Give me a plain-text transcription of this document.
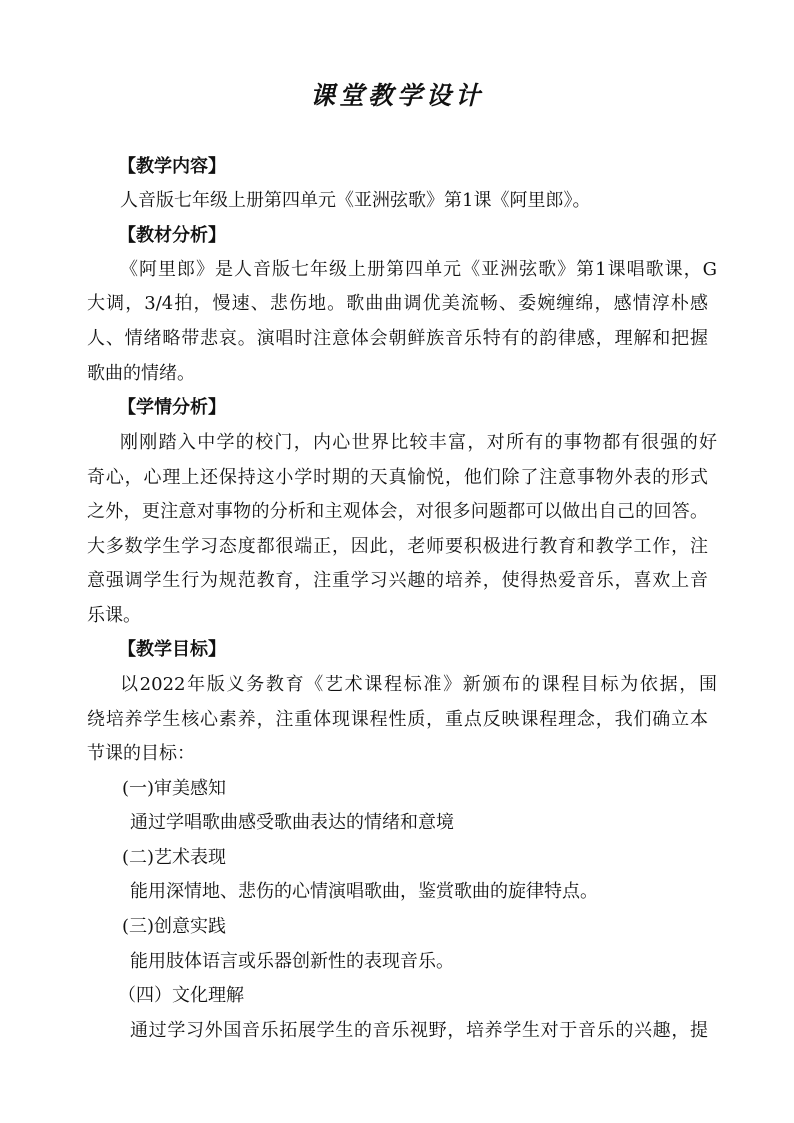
课堂教学设计
【教学内容】
人音版七年级上册第四单元《亚洲弦歌》第1课《阿里郎》。
【教材分析】
《阿里郎》是人音版七年级上册第四单元《亚洲弦歌》第1课唱歌课，G
大调，3/4拍，慢速、悲伤地。歌曲曲调优美流畅、委婉缠绵，感情淳朴感
人、情绪略带悲哀。演唱时注意体会朝鲜族音乐特有的韵律感，理解和把握
歌曲的情绪。
【学情分析】
刚刚踏入中学的校门，内心世界比较丰富，对所有的事物都有很强的好
奇心，心理上还保持这小学时期的天真愉悦，他们除了注意事物外表的形式
之外，更注意对事物的分析和主观体会，对很多问题都可以做出自己的回答。
大多数学生学习态度都很端正，因此，老师要积极进行教育和教学工作，注
意强调学生行为规范教育，注重学习兴趣的培养，使得热爱音乐，喜欢上音
乐课。
【教学目标】
以2022年版义务教育《艺术课程标准》新颁布的课程目标为依据，围
绕培养学生核心素养，注重体现课程性质，重点反映课程理念，我们确立本
节课的目标：
(一)审美感知
通过学唱歌曲感受歌曲表达的情绪和意境
(二)艺术表现
能用深情地、悲伤的心情演唱歌曲，鉴赏歌曲的旋律特点。
(三)创意实践
能用肢体语言或乐器创新性的表现音乐。
（四）文化理解
通过学习外国音乐拓展学生的音乐视野，培养学生对于音乐的兴趣，提
